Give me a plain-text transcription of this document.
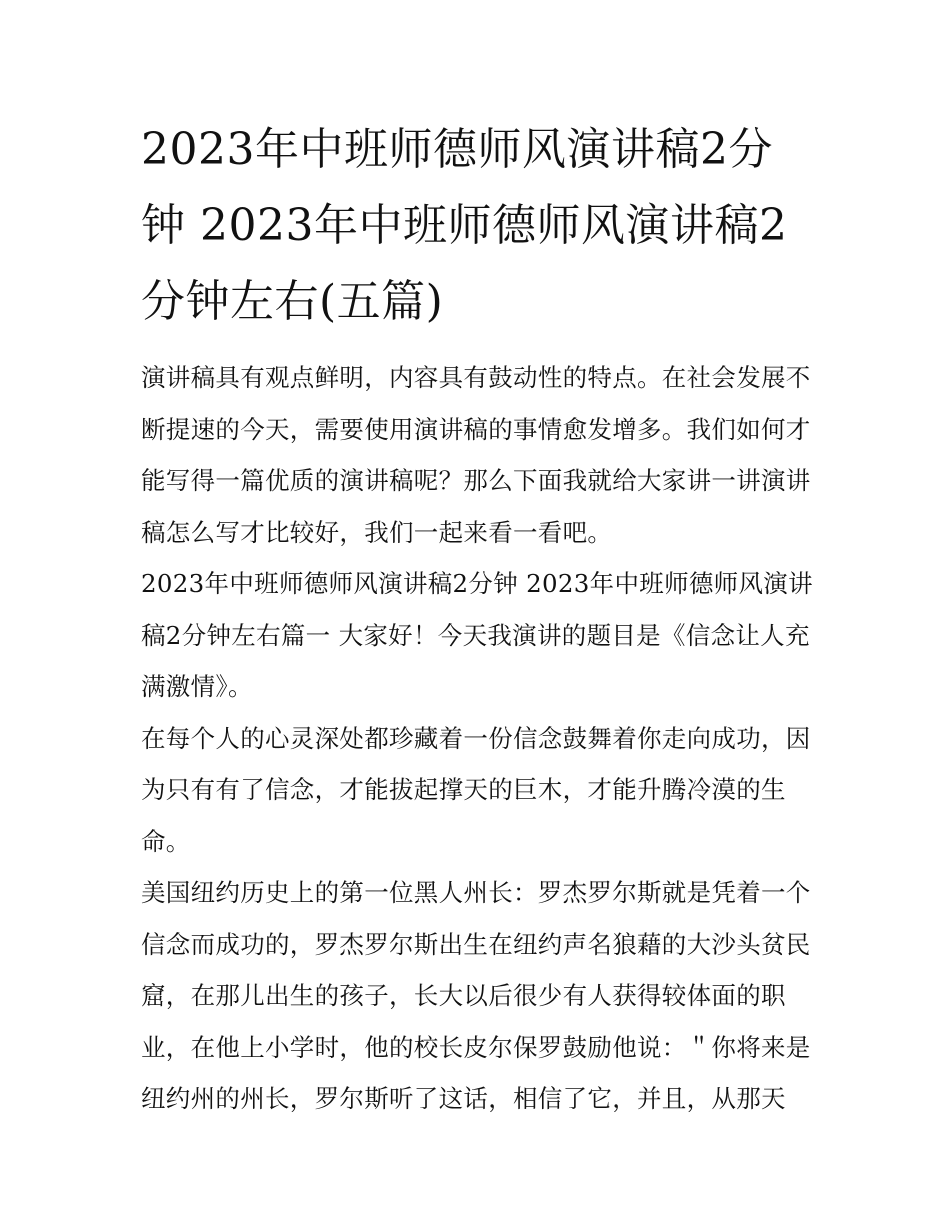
2023年中班师德师风演讲稿2分钟 2023年中班师德师风演讲稿2分钟左右(五篇)

演讲稿具有观点鲜明，内容具有鼓动性的特点。在社会发展不断提速的今天，需要使用演讲稿的事情愈发增多。我们如何才能写得一篇优质的演讲稿呢？那么下面我就给大家讲一讲演讲稿怎么写才比较好，我们一起来看一看吧。

2023年中班师德师风演讲稿2分钟 2023年中班师德师风演讲稿2分钟左右篇一 大家好！今天我演讲的题目是《信念让人充满激情》。

在每个人的心灵深处都珍藏着一份信念鼓舞着你走向成功，因为只有有了信念，才能拔起撑天的巨木，才能升腾冷漠的生命。

美国纽约历史上的第一位黑人州长：罗杰罗尔斯就是凭着一个信念而成功的，罗杰罗尔斯出生在纽约声名狼藉的大沙头贫民窟，在那儿出生的孩子，长大以后很少有人获得较体面的职业，在他上小学时，他的校长皮尔保罗鼓励他说：＂你将来是纽约州的州长，罗尔斯听了这话，相信了它，并且，从那天
